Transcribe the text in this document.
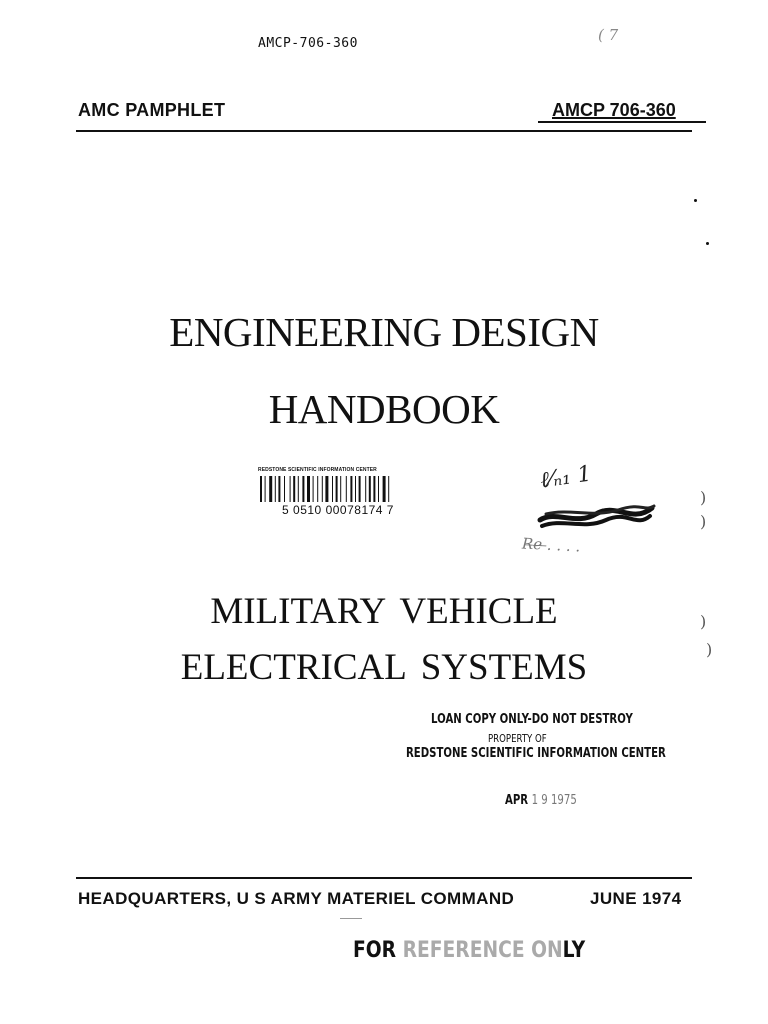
AMCP-706-360	( 7
AMC PAMPHLET	AMCP 706-360
ENGINEERING DESIGN
HANDBOOK
REDSTONE SCIENTIFIC INFORMATION CENTER
5 0510 00078174 7
ℓ⁄ₙ₁ 1
R̶e̶ ̶. . . .
)
)
)
)
MILITARY VEHICLE
ELECTRICAL SYSTEMS
LOAN COPY ONLY-DO NOT DESTROY
PROPERTY OF
REDSTONE SCIENTIFIC INFORMATION CENTER
APR 1 9 1975
HEADQUARTERS, U S ARMY MATERIEL COMMAND	JUNE 1974
FOR REFERENCE ONLY
